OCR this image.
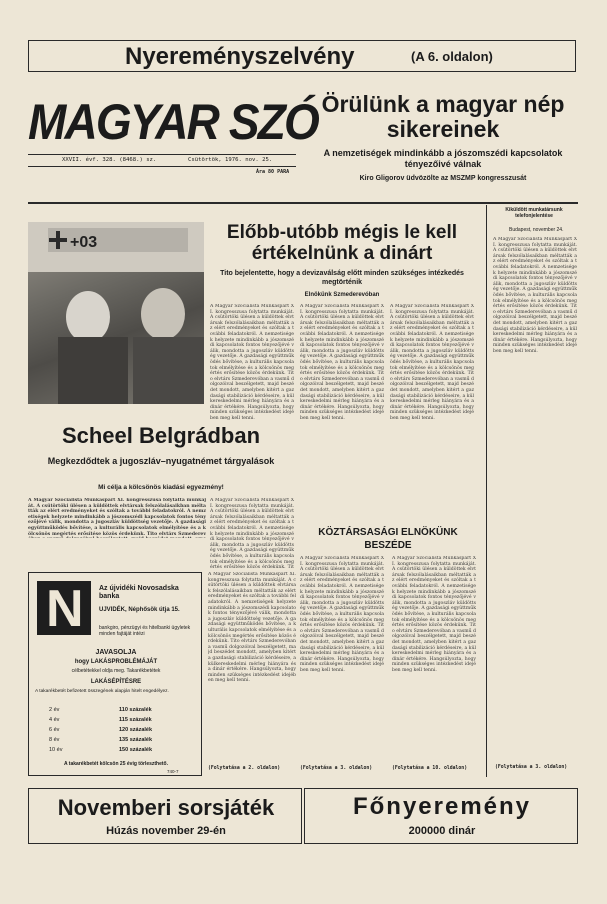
Nyereményszelvény	(A 6. oldalon)
MAGYAR SZÓ
XXVII. évf. 328. (8468.) sz.	Csütörtök, 1976. nov. 25.
Ára 80 PARA
Örülünk a magyar nép sikereinek
A nemzetiségek mindinkább a jószomszédi kapcsolatok tényezőivé válnak
Kiro Gligorov üdvözölte az MSZMP kongresszusát
+03	Előbb-utóbb mégis le kell értékelnünk a dinárt
Tito bejelentette, hogy a devizaválság előtt minden szükséges intézkedés megtörténik
Elnökünk Szmederevóban
A Magyar Szocialista Munkáspárt XI. kongresszusa folytatta munkáját. A csütörtöki ülésen a küldöttek elvtársak felszólalásaikban méltatták az elért eredményeket és szóltak a további feladatokról. A nemzetiségek helyzete mindinkább a jószomszédi kapcsolatok fontos tényezőjévé válik, mondotta a jugoszláv küldöttség vezetője. A gazdasági együttműködés bővítése, a kulturális kapcsolatok elmélyítése és a kölcsönös megértés erősítése közös érdekünk. Tito elvtárs Szmederevóban a vasmű dolgozóival beszélgetett, majd beszédet mondott, amelyben kitért a gazdasági stabilizáció kérdéseire, a külkereskedelmi mérleg hiányára és a dinár értékére. Hangsúlyozta, hogy minden szükséges intézkedést idejében meg kell tenni.
A Magyar Szocialista Munkáspárt XI. kongresszusa folytatta munkáját. A csütörtöki ülésen a küldöttek elvtársak felszólalásaikban méltatták az elért eredményeket és szóltak a további feladatokról. A nemzetiségek helyzete mindinkább a jószomszédi kapcsolatok fontos tényezőjévé válik, mondotta a jugoszláv küldöttség vezetője. A gazdasági együttműködés bővítése, a kulturális kapcsolatok elmélyítése és a kölcsönös megértés erősítése közös érdekünk. Tito elvtárs Szmederevóban a vasmű dolgozóival beszélgetett, majd beszédet mondott, amelyben kitért a gazdasági stabilizáció kérdéseire, a külkereskedelmi mérleg hiányára és a dinár értékére. Hangsúlyozta, hogy minden szükséges intézkedést idejében meg kell tenni.
A Magyar Szocialista Munkáspárt XI. kongresszusa folytatta munkáját. A csütörtöki ülésen a küldöttek elvtársak felszólalásaikban méltatták az elért eredményeket és szóltak a további feladatokról. A nemzetiségek helyzete mindinkább a jószomszédi kapcsolatok fontos tényezőjévé válik, mondotta a jugoszláv küldöttség vezetője. A gazdasági együttműködés bővítése, a kulturális kapcsolatok elmélyítése és a kölcsönös megértés erősítése közös érdekünk. Tito elvtárs Szmederevóban a vasmű dolgozóival beszélgetett, majd beszédet mondott, amelyben kitért a gazdasági stabilizáció kérdéseire, a külkereskedelmi mérleg hiányára és a dinár értékére. Hangsúlyozta, hogy minden szükséges intézkedést idejében meg kell tenni.
KÖZTÁRSASÁGI ELNÖKÜNK BESZÉDE
A Magyar Szocialista Munkáspárt XI. kongresszusa folytatta munkáját. A csütörtöki ülésen a küldöttek elvtársak felszólalásaikban méltatták az elért eredményeket és szóltak a további feladatokról. A nemzetiségek helyzete mindinkább a jószomszédi kapcsolatok fontos tényezőjévé válik, mondotta a jugoszláv küldöttség vezetője. A gazdasági együttműködés bővítése, a kulturális kapcsolatok elmélyítése és a kölcsönös megértés erősítése közös érdekünk. Tito elvtárs Szmederevóban a vasmű dolgozóival beszélgetett, majd beszédet mondott, amelyben kitért a gazdasági stabilizáció kérdéseire, a külkereskedelmi mérleg hiányára és a dinár értékére. Hangsúlyozta, hogy minden szükséges intézkedést idejében meg kell tenni.
A Magyar Szocialista Munkáspárt XI. kongresszusa folytatta munkáját. A csütörtöki ülésen a küldöttek elvtársak felszólalásaikban méltatták az elért eredményeket és szóltak a további feladatokról. A nemzetiségek helyzete mindinkább a jószomszédi kapcsolatok fontos tényezőjévé válik, mondotta a jugoszláv küldöttség vezetője. A gazdasági együttműködés bővítése, a kulturális kapcsolatok elmélyítése és a kölcsönös megértés erősítése közös érdekünk. Tito elvtárs Szmederevóban a vasmű dolgozóival beszélgetett, majd beszédet mondott, amelyben kitért a gazdasági stabilizáció kérdéseire, a külkereskedelmi mérleg hiányára és a dinár értékére. Hangsúlyozta, hogy minden szükséges intézkedést idejében meg kell tenni.
(Folytatása a 3. oldalon)	(Folytatása a 10. oldalon)
Scheel Belgrádban
Megkezdődtek a jugoszláv–nyugatnémet tárgyalások
Mi célja a kölcsönös kiadási egyezmény!
A Magyar Szocialista Munkáspárt XI. kongresszusa folytatta munkáját. A csütörtöki ülésen a küldöttek elvtársak felszólalásaikban méltatták az elért eredményeket és szóltak a további feladatokról. A nemzetiségek helyzete mindinkább a jószomszédi kapcsolatok fontos tényezőjévé válik, mondotta a jugoszláv küldöttség vezetője. A gazdasági együttműködés bővítése, a kulturális kapcsolatok elmélyítése és a kölcsönös megértés erősítése közös érdekünk. Tito elvtárs Szmederev
A Magyar Szocialista Munkáspárt XI. kongresszusa folytatta munkáját. A csütörtöki ülésen a küldöttek elvtársak felszólalásaikban méltatták az elért eredményeket és szóltak a további feladatokról. A nemzetiségek helyzete mindinkább a jószomszédi kapcsolatok fontos tényezőjévé válik, mondotta a jugoszláv küldöttség vezetője. A gazdasági együttműködés bővítése, a kulturális kapcsolatok elmélyítése és a kölcsönös megértés erősítése közös érdekünk. Tit
N Az újvidéki Novosadska banka
UJVIDÉK, Néphősök útja 15.
bankgiro, pénzügyi és hitelbanki ügyletek minden fajtáját intézi
JAVASOLJA
hogy LAKÁSPROBLÉMÁJÁT
célbetétekkel oldja meg. Takarékbetétek
LAKÁSÉPÍTÉSRE
A takarékbetét befizetett összegének alapján hitelt engedélyez.
2 év	110 százalék
4 év	115 százalék
6 év	120 százalék
8 év	135 százalék
10 év	150 százalék
A takarékbetét kölcsön 25 évig törleszthető.
740-7
A Magyar Szocialista Munkáspárt XI. kongresszusa folytatta munkáját. A csütörtöki ülésen a küldöttek elvtársak felszólalásaikban méltatták az elért eredményeket és szóltak a további feladatokról. A nemzetiségek helyzete mindinkább a jószomszédi kapcsolatok fontos tényezőjévé válik, mondotta a jugoszláv küldöttség vezetője. A gazdasági együttműködés bővítése, a kulturális kapcsolatok elmélyítése és a kölcsönös megértés erősítése közös érdekünk. Tito elvtárs Szmederevóban a vasmű dolgozóival beszélgetett, majd beszédet mondott, amelyben kitért a gazdasági stabilizáció kérdéseire, a külkereskedelmi mérleg hiányára és a dinár értékére. Hangsúlyozta, hogy minden szükséges intézkedést idejében meg kell tenni.
(Folytatása a 2. oldalon)
Kiküldött munkatársunk telefonjelentése
Budapest, november 24.
A Magyar Szocialista Munkáspárt XI. kongresszusa folytatta munkáját. A csütörtöki ülésen a küldöttek elvtársak felszólalásaikban méltatták az elért eredményeket és szóltak a további feladatokról. A nemzetiségek helyzete mindinkább a jószomszédi kapcsolatok fontos tényezőjévé válik, mondotta a jugoszláv küldöttség vezetője. A gazdasági együttműködés bővítése, a kulturális kapcsolatok elmélyítése és a kölcsönös megértés erősítése közös érdekünk. Tito elvtárs Szmederevóban a vasmű dolgozóival beszélgetett, majd beszédet mondott, amelyben kitért a gazdasági stabilizáció kérdéseire, a külkereskedelmi mérleg hiányára és a dinár értékére. Hangsúlyozta, hogy minden szükséges intézkedést idejében meg kell tenni.
(Folytatása a 3. oldalon)
Novemberi sorsjáték
Húzás november 29-én
Főnyeremény
200000 dinár
